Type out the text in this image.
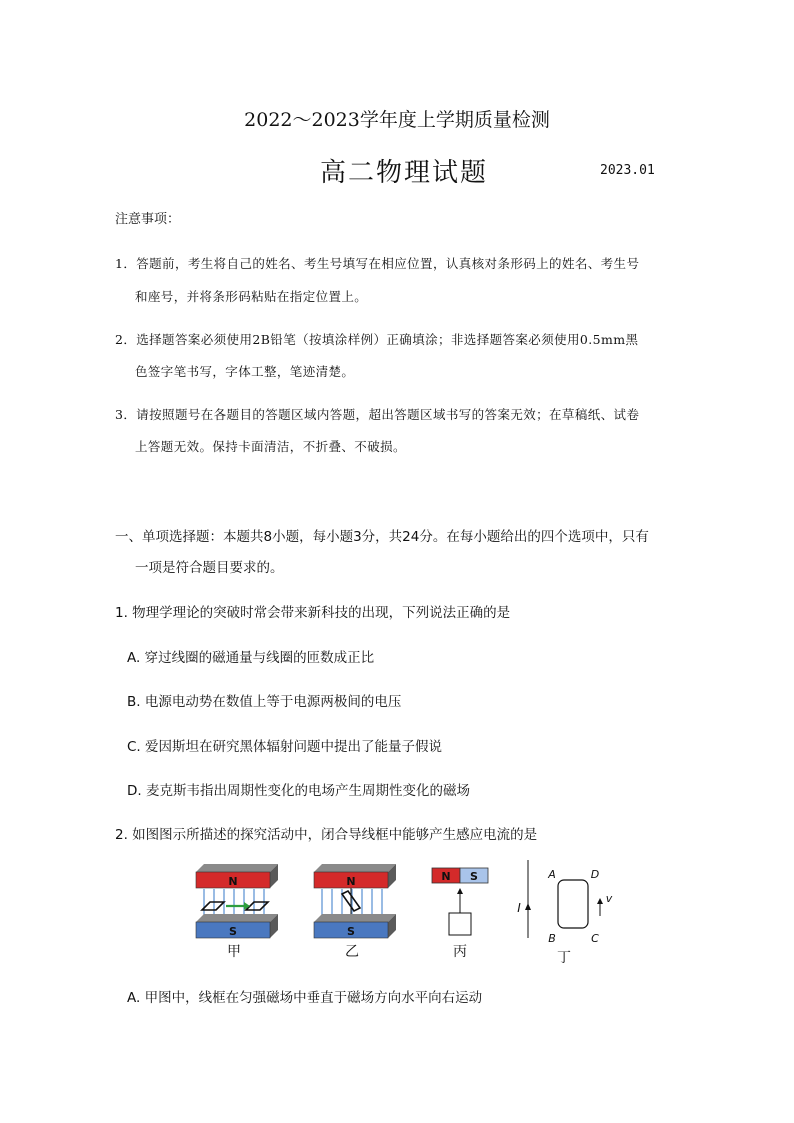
2022～2023学年度上学期质量检测
高二物理试题	2023.01
注意事项：
1．答题前，考生将自己的姓名、考生号填写在相应位置，认真核对条形码上的姓名、考生号
和座号，并将条形码粘贴在指定位置上。
2．选择题答案必须使用2B铅笔（按填涂样例）正确填涂；非选择题答案必须使用0.5mm黑
色签字笔书写，字体工整，笔迹清楚。
3．请按照题号在各题目的答题区域内答题，超出答题区域书写的答案无效；在草稿纸、试卷
上答题无效。保持卡面清洁，不折叠、不破损。
一、单项选择题：本题共8小题，每小题3分，共24分。在每小题给出的四个选项中，只有
一项是符合题目要求的。
1. 物理学理论的突破时常会带来新科技的出现，下列说法正确的是
A. 穿过线圈的磁通量与线圈的匝数成正比
B. 电源电动势在数值上等于电源两极间的电压
C. 爱因斯坦在研究黑体辐射问题中提出了能量子假说
D. 麦克斯韦指出周期性变化的电场产生周期性变化的磁场
2. 如图图示所描述的探究活动中，闭合导线框中能够产生感应电流的是
N
S
甲
N
S
乙
N S
丙
I
A	D
B	C
v
丁
A. 甲图中，线框在匀强磁场中垂直于磁场方向水平向右运动
